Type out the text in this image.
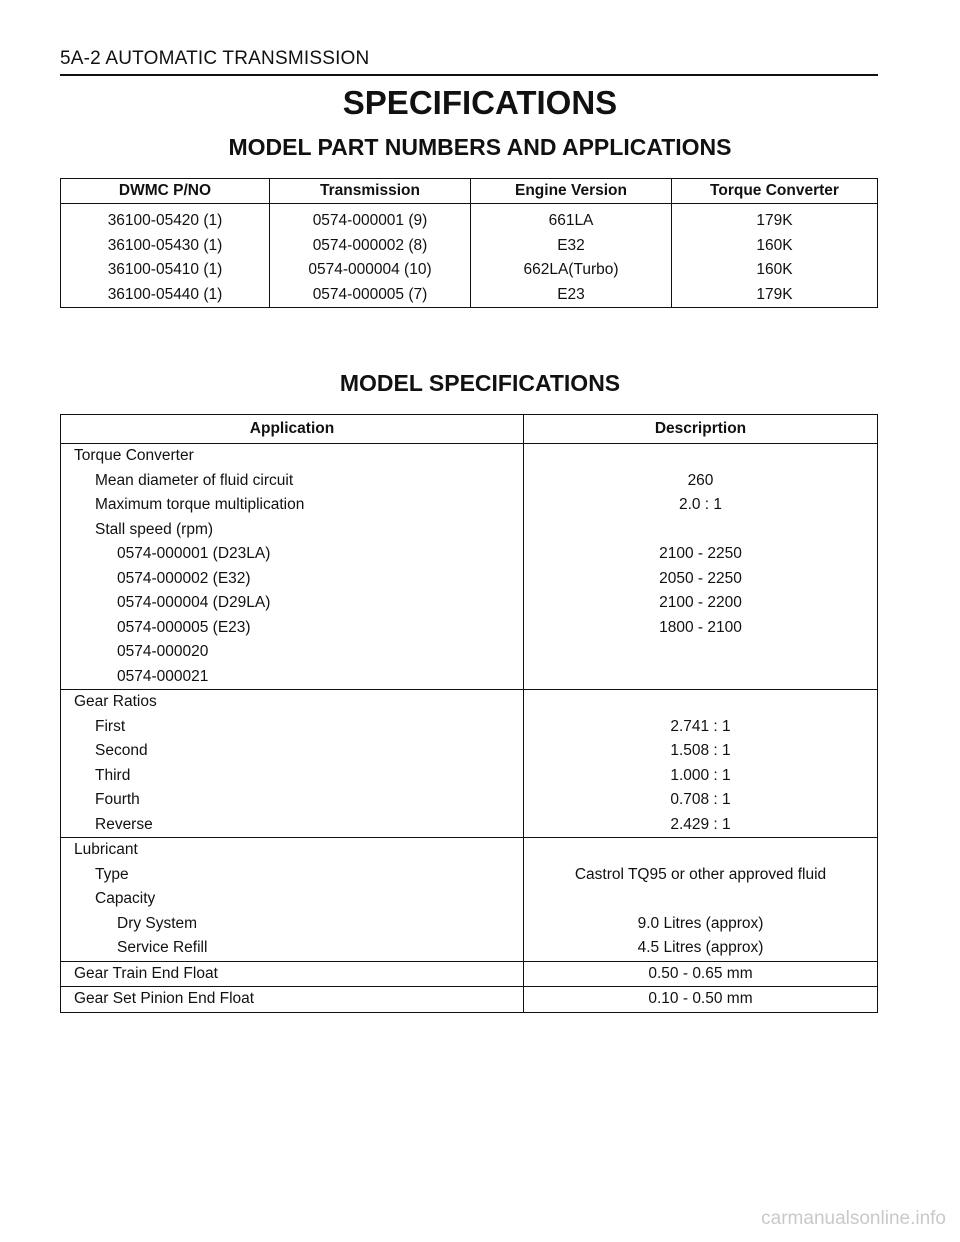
5A-2 AUTOMATIC TRANSMISSION
SPECIFICATIONS
MODEL PART NUMBERS AND APPLICATIONS
DWMC P/NO	Transmission	Engine Version	Torque Converter
36100-05420 (1)	0574-000001 (9)	661LA	179K
36100-05430 (1)	0574-000002 (8)	E32	160K
36100-05410 (1)	0574-000004 (10)	662LA(Turbo)	160K
36100-05440 (1)	0574-000005 (7)	E23	179K
MODEL SPECIFICATIONS
Application	Descriprtion
Torque Converter	
Mean diameter of fluid circuit	260
Maximum torque multiplication	2.0 : 1
Stall speed (rpm)	
0574-000001 (D23LA)	2100 - 2250
0574-000002 (E32)	2050 - 2250
0574-000004 (D29LA)	2100 - 2200
0574-000005 (E23)	1800 - 2100
0574-000020	
0574-000021	
Gear Ratios	
First	2.741 : 1
Second	1.508 : 1
Third	1.000 : 1
Fourth	0.708 : 1
Reverse	2.429 : 1
Lubricant	
Type	Castrol TQ95 or other approved fluid
Capacity	
Dry System	9.0 Litres (approx)
Service Refill	4.5 Litres (approx)
Gear Train End Float	0.50 - 0.65 mm
Gear Set Pinion End Float	0.10 - 0.50 mm
carmanualsonline.info
